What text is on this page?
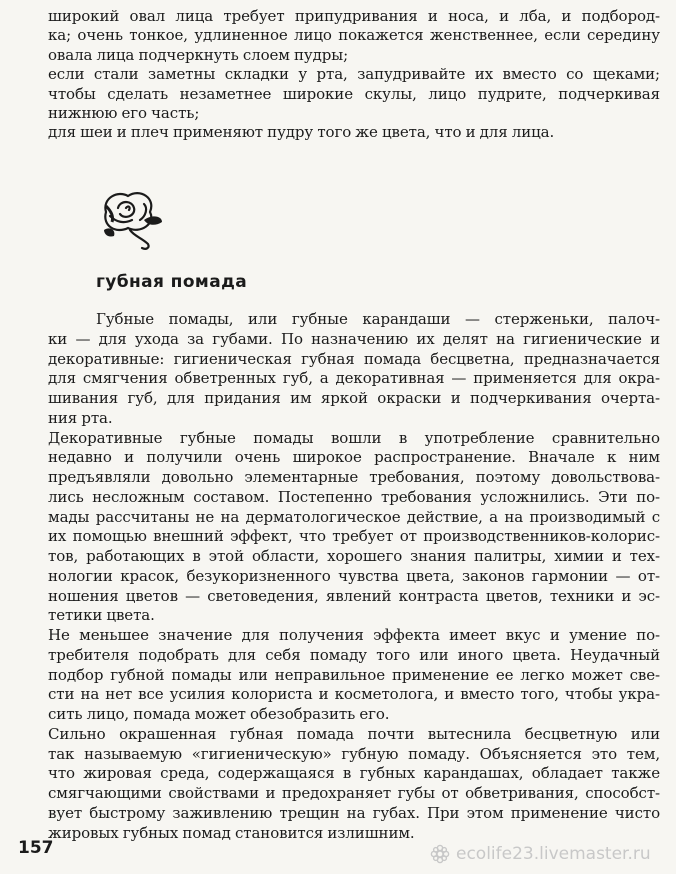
широкий овал лица требует припудривания и носа, и лба, и подбород-
ка; очень тонкое, удлиненное лицо покажется женственнее, если середину
овала лица подчеркнуть слоем пудры;
если стали заметны складки у рта, запудривайте их вместо со щеками;
чтобы сделать незаметнее широкие скулы, лицо пудрите, подчеркивая
нижнюю его часть;
для шеи и плеч применяют пудру того же цвета, что и для лица.
губная помада
Губные помады, или губные карандаши — стерженьки, палоч-
ки — для ухода за губами. По назначению их делят на гигиенические и
декоративные: гигиеническая губная помада бесцветна, предназначается
для смягчения обветренных губ, а декоративная — применяется для окра-
шивания губ, для придания им яркой окраски и подчеркивания очерта-
ния рта.
Декоративные губные помады вошли в употребление сравнительно
недавно и получили очень широкое распространение. Вначале к ним
предъявляли довольно элементарные требования, поэтому довольствова-
лись несложным составом. Постепенно требования усложнились. Эти по-
мады рассчитаны не на дерматологическое действие, а на производимый с
их помощью внешний эффект, что требует от производственников-колорис-
тов, работающих в этой области, хорошего знания палитры, химии и тех-
нологии красок, безукоризненного чувства цвета, законов гармонии — от-
ношения цветов — световедения, явлений контраста цветов, техники и эс-
тетики цвета.
Не меньшее значение для получения эффекта имеет вкус и умение по-
требителя подобрать для себя помаду того или иного цвета. Неудачный
подбор губной помады или неправильное применение ее легко может све-
сти на нет все усилия колориста и косметолога, и вместо того, чтобы укра-
сить лицо, помада может обезобразить его.
Сильно окрашенная губная помада почти вытеснила бесцветную или
так называемую «гигиеническую» губную помаду. Объясняется это тем,
что жировая среда, содержащаяся в губных карандашах, обладает также
смягчающими свойствами и предохраняет губы от обветривания, способст-
вует быстрому заживлению трещин на губах. При этом применение чисто
жировых губных помад становится излишним.
157	ecolife23.livemaster.ru
